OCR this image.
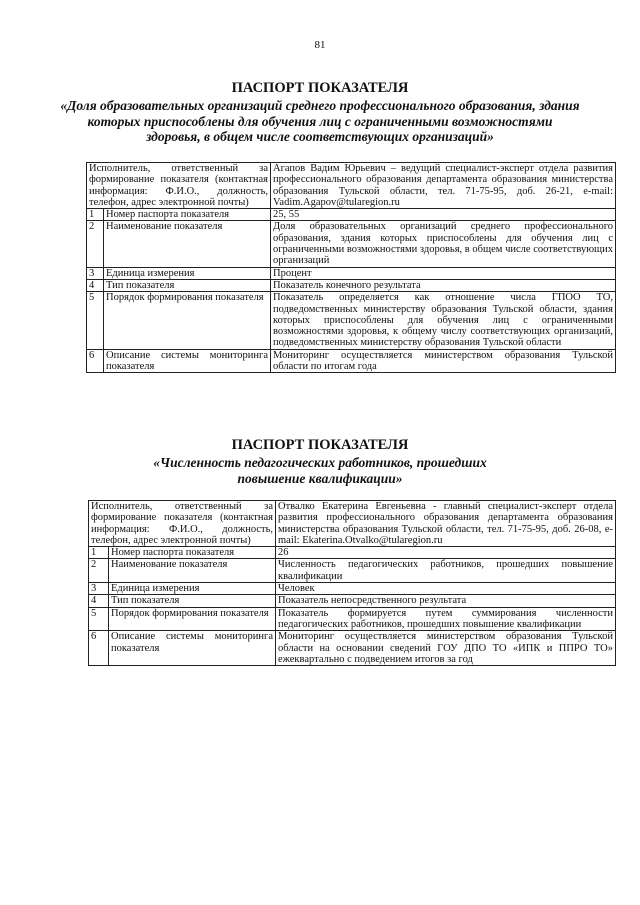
81
ПАСПОРТ ПОКАЗАТЕЛЯ
«Доля образовательных организаций среднего профессионального образования, здания которых приспособлены для обучения лиц с ограниченными возможностями здоровья, в общем числе соответствующих организаций»
Исполнитель, ответственный за формирование показателя (контактная информация: Ф.И.О., должность, телефон, адрес электронной почты)		Агапов Вадим Юрьевич – ведущий специалист-эксперт отдела развития профессионального образования департамента образования министерства образования Тульской области, тел. 71-75-95, доб. 26-21, e-mail: Vadim.Agapov@tularegion.ru
1	Номер паспорта показателя	25, 55
2	Наименование показателя	Доля образовательных организаций среднего профессионального образования, здания которых приспособлены для обучения лиц с ограниченными возможностями здоровья, в общем числе соответствующих организаций
3	Единица измерения	Процент
4	Тип показателя	Показатель конечного результата
5	Порядок формирования показателя	Показатель определяется как отношение числа ГПОО ТО, подведомственных министерству образования Тульской области, здания которых приспособлены для обучения лиц с ограниченными возможностями здоровья, к общему числу соответствующих организаций, подведомственных министерству образования Тульской области
6	Описание системы мониторинга показателя	Мониторинг осуществляется министерством образования Тульской области по итогам года
ПАСПОРТ ПОКАЗАТЕЛЯ
«Численность педагогических работников, прошедших повышение квалификации»
Исполнитель, ответственный за формирование показателя (контактная информация: Ф.И.О., должность, телефон, адрес электронной почты)		Отвалко Екатерина Евгеньевна - главный специалист-эксперт отдела развития профессионального образования департамента образования министерства образования Тульской области, тел. 71-75-95, доб. 26-08, e-mail: Ekaterina.Otvalko@tularegion.ru
1	Номер паспорта показателя	26
2	Наименование показателя	Численность педагогических работников, прошедших повышение квалификации
3	Единица измерения	Человек
4	Тип показателя	Показатель непосредственного результата
5	Порядок формирования показателя	Показатель формируется путем суммирования численности педагогических работников, прошедших повышение квалификации
6	Описание системы мониторинга показателя	Мониторинг осуществляется министерством образования Тульской области на основании сведений ГОУ ДПО ТО «ИПК и ППРО ТО» ежеквартально с подведением итогов за год
